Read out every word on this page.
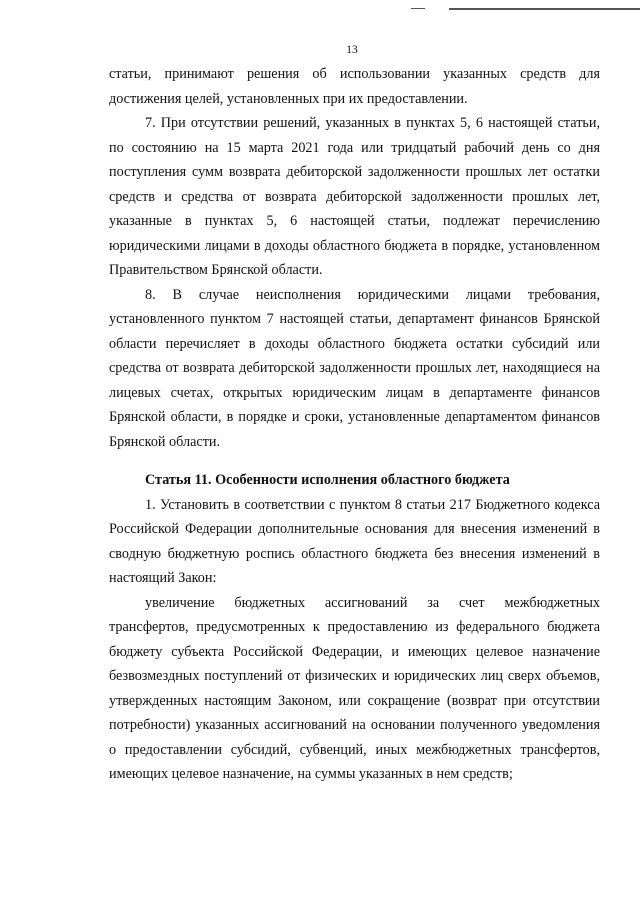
13

статьи, принимают решения об использовании указанных средств для достижения целей, установленных при их предоставлении.

7. При отсутствии решений, указанных в пунктах 5, 6 настоящей статьи, по состоянию на 15 марта 2021 года или тридцатый рабочий день со дня поступления сумм возврата дебиторской задолженности прошлых лет остатки средств и средства от возврата дебиторской задолженности прошлых лет, указанные в пунктах 5, 6 настоящей статьи, подлежат перечислению юридическими лицами в доходы областного бюджета в порядке, установленном Правительством Брянской области.

8. В случае неисполнения юридическими лицами требования, установленного пунктом 7 настоящей статьи, департамент финансов Брянской области перечисляет в доходы областного бюджета остатки субсидий или средства от возврата дебиторской задолженности прошлых лет, находящиеся на лицевых счетах, открытых юридическим лицам в департаменте финансов Брянской области, в порядке и сроки, установленные департаментом финансов Брянской области.

Статья 11. Особенности исполнения областного бюджета

1. Установить в соответствии с пунктом 8 статьи 217 Бюджетного кодекса Российской Федерации дополнительные основания для внесения изменений в сводную бюджетную роспись областного бюджета без внесения изменений в настоящий Закон:

увеличение бюджетных ассигнований за счет межбюджетных трансфертов, предусмотренных к предоставлению из федерального бюджета бюджету субъекта Российской Федерации, и имеющих целевое назначение безвозмездных поступлений от физических и юридических лиц сверх объемов, утвержденных настоящим Законом, или сокращение (возврат при отсутствии потребности) указанных ассигнований на основании полученного уведомления о предоставлении субсидий, субвенций, иных межбюджетных трансфертов, имеющих целевое назначение, на суммы указанных в нем средств;
